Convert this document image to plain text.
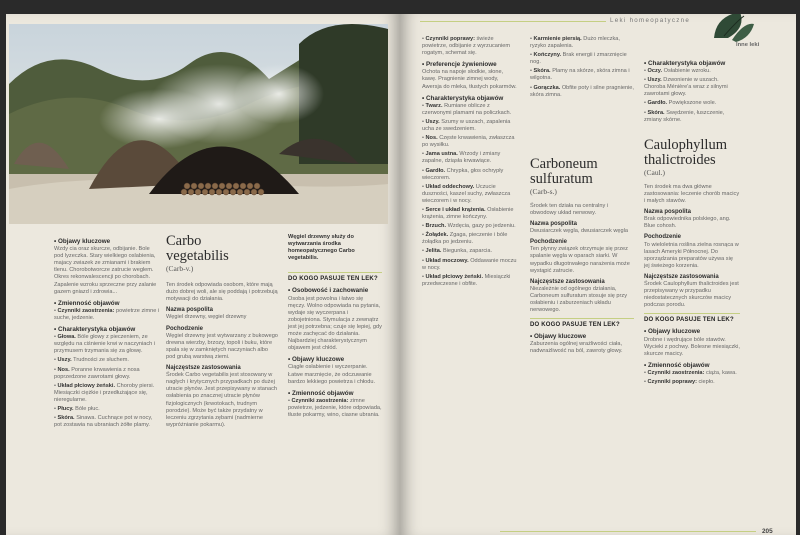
• Objawy kluczowe

Wzdy cia oraz skurcze, odbijanie. Bole pod lyzeczka. Stary wielkiego oslabienia, majacy zwiazek ze zmianami i brakiem tlenu. Chorobotworcze zatrucie weglem. Okres rekonwalescencji po chorobach. Zapalenie wzroku sprzeczne przy zalanie gazem gniazd i zdrowia...

• Zmienność objawów

• Czynniki zaostrzenia: powietrze zimne i suche, jedzenie.

• Charakterystyka objawów

• Głowa. Bóle głowy z pieczeniem, ze względu na ciśnienie krwi w naczyniach i przymusem trzymania się za głowę.

• Uszy. Trudności ze słuchem.

• Nos. Poranne krwawienia z nosa poprzedzone zawrotami głowy.

• Układ płciowy żeński. Choroby piersi. Miesiączki ciężkie i przedłużające się, nieregularne.

• Płucy. Bóle płuc.

• Skóra. Sinawa. Cuchnące pot w nocy, pot zostawia na ubraniach żółte plamy.

Carbo
vegetabilis
(Carb-v.)

Ten środek odpowiada osobom, które mają dużo dobrej woli, ale się poddają i potrzebują motywacji do działania.

Nazwa pospolita

Węgiel drzewny, węgiel drzewny

Pochodzenie

Węgiel drzewny jest wytwarzany z bukowego drewna wierzby, brzozy, topoli i buku, które spala się w zamkniętych naczyniach albo pod grubą warstwą ziemi.

Najczęstsze zastosowania

Środek Carbo vegetabilis jest stosowany w nagłych i krytycznych przypadkach po dużej utracie płynów. Jest przepisywany w stanach osłabienia po znacznej utracie płynów fizjologicznych (krwotokach, trudnym porodzie). Może być także przydatny w leczeniu zgrzytania zębami (nadmierne wypróżnianie pokarmu).

Węgiel drzewny służy do wytwarzania środka homeopatycznego Carbo vegetabilis.

DO KOGO PASUJE TEN LEK?
• Osobowość i zachowanie

Osoba jest powolna i łatwo się męczy. Wolno odpowiada na pytania, wydaje się wyczerpana i zobojetniona. Stymulacja z zewnątrz jest jej potrzebna; czuje się lepiej, gdy może zachęcać do działania. Najbardziej charakterystycznym objawem jest chłód.

• Objawy kluczowe

Ciągłe osłabienie i wyczerpanie. Łatwe marznięcie, że odczuwanie bardzo lekkiego powietrza i chłodu.

• Zmienność objawów

• Czynniki zaostrzenia: zimne powietrze, jedzenie, które odpowiada, tłuste pokarmy, wino, ciasne ubrania.

Leki homeopatyczne
Inne leki

• Czynniki poprawy: świeże powietrze, odbijanie z wyrzucaniem rogatym, schemat się.

• Preferencje żywieniowe

Ochota na napoje słodkie, słone, kawę. Pragnienie zimnej wody, Awersja do mleka, tłustych pokarmów.

• Charakterystyka objawów

• Twarz. Rumiane oblicze z czerwonymi plamami na policzkach.

• Uszy. Szumy w uszach, zapalenia ucha ze swedzeniem.

• Nos. Częste krwawienia, zwłaszcza po wysiłku.

• Jama ustna. Wrzody i zmiany zapalne, dziąsła krwawiące.

• Gardło. Chrypka, głos ochrypły wieczorem.

• Układ oddechowy. Uczucie duszności, kaszel suchy, zwłaszcza wieczorem i w nocy.

• Serce i układ krążenia. Osłabienie krążenia, zimne kończyny.

• Brzuch. Wzdęcia, gazy po jedzeniu.

• Żołądek. Zgaga, pieczenie i bóle żołądka po jedzeniu.

• Jelita. Biegunka, zaparcia.

• Układ moczowy. Oddawanie moczu w nocy.

• Układ płciowy żeński. Miesiączki przedwczesne i obfite.

• Karmienie piersią. Dużo mleczka, ryzyko zapalenia.

• Kończyny. Brak energii i zmarznięcie nog.

• Skóra. Plamy na skórze, skóra zimna i wilgotna.

• Gorączka. Obfite poty i silne pragnienie, skóra zimna.

Carboneum
sulfuratum
(Carb-s.)

Środek ten działa na centralny i obwodowy układ nerwowy.

Nazwa pospolita

Dwusiarczek węgla, dwusiarczek węgla

Pochodzenie

Ten płynny związek otrzymuje się przez spalanie węgla w oparach siarki. W wypadku długotrwałego narażenia może wystąpić zatrucie.

Najczęstsze zastosowania

Niezależnie od ogólnego działania, Carboneum sulfuratum stosuje się przy osłabieniu i zaburzeniach układu nerwowego.

DO KOGO PASUJE TEN LEK?
• Objawy kluczowe

Zaburzenia ogólnej wrażliwości ciała, nadwrażliwość na ból, zawroty głowy.

• Charakterystyka objawów

• Oczy. Osłabienie wzroku.

• Uszy. Dzwonienie w uszach. Choroba Ménière'a wraz z silnymi zawrotami głowy.

• Gardło. Powiększone wole.

• Skóra. Swędzenie, łuszczenie, zmiany skórne.

Caulophyllum
thalictroides
(Caul.)

Ten środek ma dwa główne zastosowania: leczenie chorób macicy i małych stawów.

Nazwa pospolita

Brak odpowiednika polskiego, ang. Blue cohosh.

Pochodzenie

To wieloletnia roślina zielna rosnąca w lasach Ameryki Północnej. Do sporządzania preparatów używa się jej świeżego korzenia.

Najczęstsze zastosowania

Środek Caulophyllum thalictroides jest przepisywany w przypadku niedostatecznych skurczów macicy podczas porodu.

DO KOGO PASUJE TEN LEK?
• Objawy kluczowe

Drobne i wędrujące bóle stawów. Wycieki z pochwy. Bolesne miesiączki, skurcze macicy.

• Zmienność objawów

• Czynniki zaostrzenia: ciąża, kawa.

• Czynniki poprawy: ciepło.

205
